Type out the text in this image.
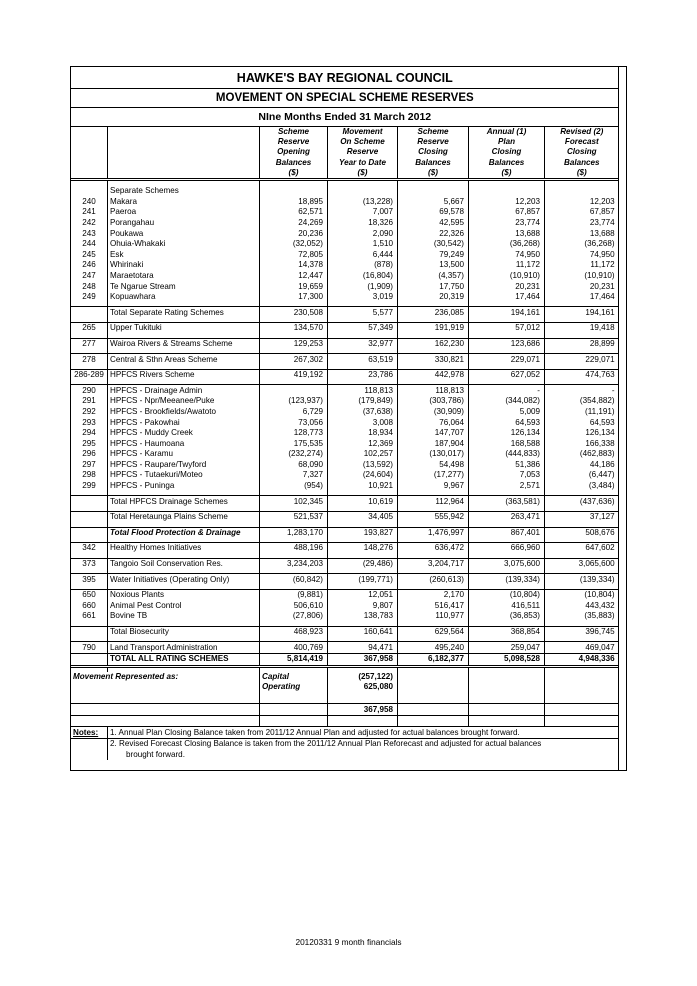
HAWKE'S BAY REGIONAL COUNCIL						
MOVEMENT ON SPECIAL SCHEME RESERVES						
NIne Months Ended 31 March 2012						
		Scheme	Movement	Scheme	Annual (1)	Revised (2)
		Reserve	On Scheme	Reserve	Plan	Forecast
		Opening	Reserve	Closing	Closing	Closing
		Balances	Year to Date	Balances	Balances	Balances
		($)	($)	($)	($)	($)

	Separate Schemes					
240	Makara	18,895	(13,228)	5,667	12,203	12,203
241	Paeroa	62,571	7,007	69,578	67,857	67,857
242	Porangahau	24,269	18,326	42,595	23,774	23,774
243	Poukawa	20,236	2,090	22,326	13,688	13,688
244	Ohuia-Whakaki	(32,052)	1,510	(30,542)	(36,268)	(36,268)
245	Esk	72,805	6,444	79,249	74,950	74,950
246	Whirinaki	14,378	(878)	13,500	11,172	11,172
247	Maraetotara	12,447	(16,804)	(4,357)	(10,910)	(10,910)
248	Te Ngarue Stream	19,659	(1,909)	17,750	20,231	20,231
249	Kopuawhara	17,300	3,019	20,319	17,464	17,464

	Total Separate Rating Schemes	230,508	5,577	236,085	194,161	194,161

265	Upper Tukituki	134,570	57,349	191,919	57,012	19,418

277	Wairoa Rivers & Streams Scheme	129,253	32,977	162,230	123,686	28,899

278	Central & Sthn Areas Scheme	267,302	63,519	330,821	229,071	229,071

286-289	HPFCS Rivers Scheme	419,192	23,786	442,978	627,052	474,763

290	HPFCS - Drainage Admin		118,813	118,813	-	-
291	HPFCS - Npr/Meeanee/Puke	(123,937)	(179,849)	(303,786)	(344,082)	(354,882)
292	HPFCS - Brookfields/Awatoto	6,729	(37,638)	(30,909)	5,009	(11,191)
293	HPFCS - Pakowhai	73,056	3,008	76,064	64,593	64,593
294	HPFCS - Muddy Creek	128,773	18,934	147,707	126,134	126,134
295	HPFCS - Haumoana	175,535	12,369	187,904	168,588	166,338
296	HPFCS - Karamu	(232,274)	102,257	(130,017)	(444,833)	(462,883)
297	HPFCS - Raupare/Twyford	68,090	(13,592)	54,498	51,386	44,186
298	HPFCS - Tutaekuri/Moteo	7,327	(24,604)	(17,277)	7,053	(6,447)
299	HPFCS - Puninga	(954)	10,921	9,967	2,571	(3,484)

	Total HPFCS Drainage Schemes	102,345	10,619	112,964	(363,581)	(437,636)

	Total Heretaunga Plains Scheme	521,537	34,405	555,942	263,471	37,127

	Total Flood Protection & Drainage	1,283,170	193,827	1,476,997	867,401	508,676

342	Healthy Homes Initiatives	488,196	148,276	636,472	666,960	647,602

373	Tangoio Soil Conservation Res.	3,234,203	(29,486)	3,204,717	3,075,600	3,065,600

395	Water Initiatives (Operating Only)	(60,842)	(199,771)	(260,613)	(139,334)	(139,334)

650	Noxious Plants	(9,881)	12,051	2,170	(10,804)	(10,804)
660	Animal Pest Control	506,610	9,807	516,417	416,511	443,432
661	Bovine TB	(27,806)	138,783	110,977	(36,853)	(35,883)

	Total Biosecurity	468,923	160,641	629,564	368,854	396,745

790	Land Transport Administration	400,769	94,471	495,240	259,047	469,047
	TOTAL ALL RATING SCHEMES	5,814,419	367,958	6,182,377	5,098,528	4,948,336

Movement Represented as:		Capital	(257,122)			
		Operating	625,080			

			367,958			

Notes:	1. Annual Plan Closing Balance taken from 2011/12 Annual Plan and adjusted for actual balances brought forward.					
	2. Revised Forecast Closing Balance is taken from the 2011/12 Annual Plan Reforecast and adjusted for actual balances					
	brought forward.					
20120331 9 month financials
